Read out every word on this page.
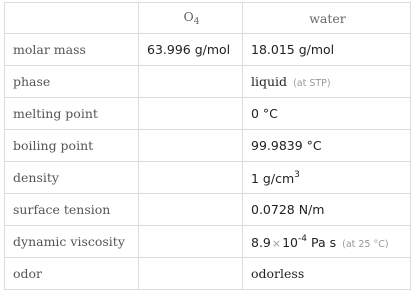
	$O_4$	water
molar mass	63.996 g/mol	18.015 g/mol
phase		liquid (at STP)
melting point		0 °C
boiling point		99.9839 °C
density		1 $g/cm^3$
surface tension		0.0728 N/m
dynamic viscosity		$8.9\times 10^{-4}$ Pa s (at 25 °C)
odor		odorless
